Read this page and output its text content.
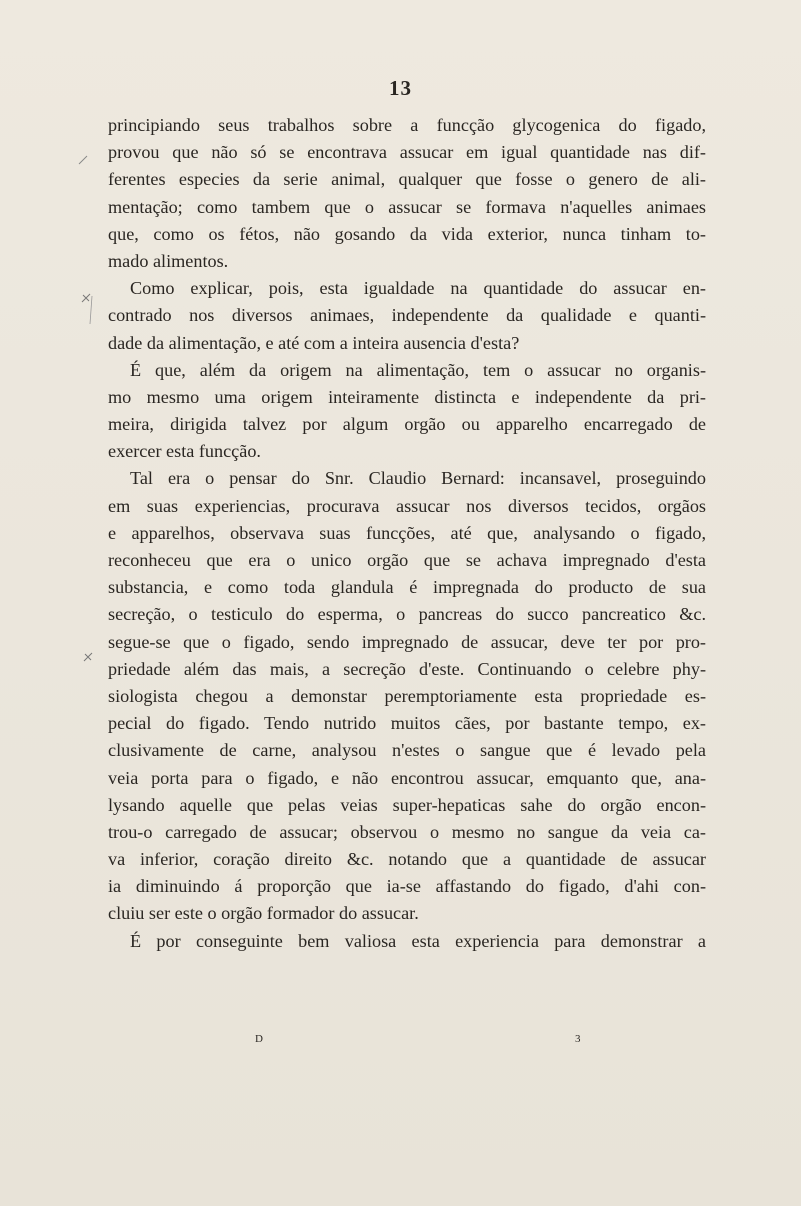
13
principiando seus trabalhos sobre a funcção glycogenica do figado,
provou que não só se encontrava assucar em igual quantidade nas dif-
ferentes especies da serie animal, qualquer que fosse o genero de ali-
mentação; como tambem que o assucar se formava n'aquelles animaes
que, como os fétos, não gosando da vida exterior, nunca tinham to-
mado alimentos.
Como explicar, pois, esta igualdade na quantidade do assucar en-
contrado nos diversos animaes, independente da qualidade e quanti-
dade da alimentação, e até com a inteira ausencia d'esta?
É que, além da origem na alimentação, tem o assucar no organis-
mo mesmo uma origem inteiramente distincta e independente da pri-
meira, dirigida talvez por algum orgão ou apparelho encarregado de
exercer esta funcção.
Tal era o pensar do Snr. Claudio Bernard: incansavel, proseguindo
em suas experiencias, procurava assucar nos diversos tecidos, orgãos
e apparelhos, observava suas funcções, até que, analysando o figado,
reconheceu que era o unico orgão que se achava impregnado d'esta
substancia, e como toda glandula é impregnada do producto de sua
secreção, o testiculo do esperma, o pancreas do succo pancreatico &c.
segue-se que o figado, sendo impregnado de assucar, deve ter por pro-
priedade além das mais, a secreção d'este. Continuando o celebre phy-
siologista chegou a demonstar peremptoriamente esta propriedade es-
pecial do figado. Tendo nutrido muitos cães, por bastante tempo, ex-
clusivamente de carne, analysou n'estes o sangue que é levado pela
veia porta para o figado, e não encontrou assucar, emquanto que, ana-
lysando aquelle que pelas veias super-hepaticas sahe do orgão encon-
trou-o carregado de assucar; observou o mesmo no sangue da veia ca-
va inferior, coração direito &c. notando que a quantidade de assucar
ia diminuindo á proporção que ia-se affastando do figado, d'ahi con-
cluiu ser este o orgão formador do assucar.
É por conseguinte bem valiosa esta experiencia para demonstrar a
D	3
